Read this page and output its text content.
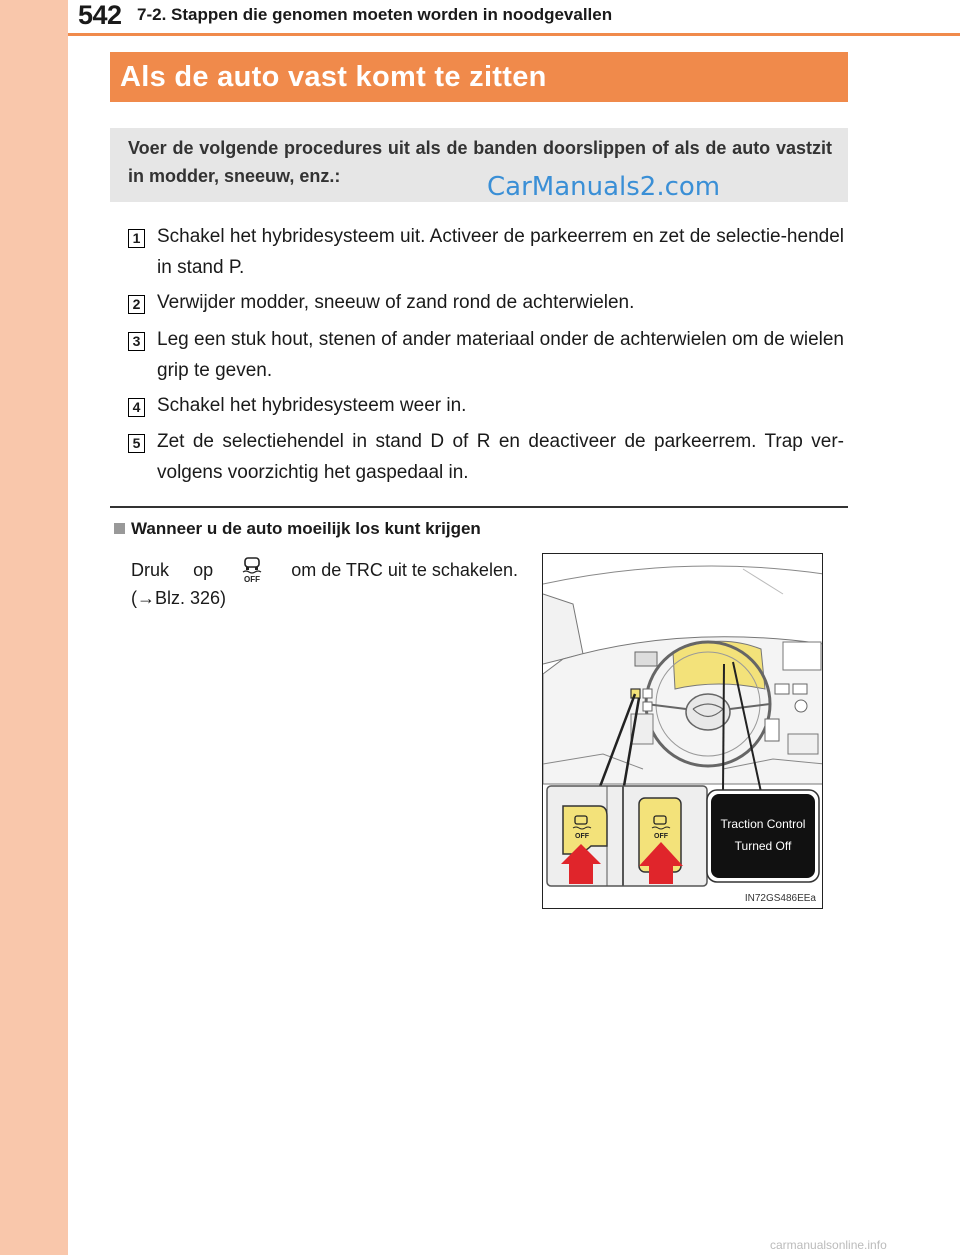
542 7-2. Stappen die genomen moeten worden in noodgevallen
Als de auto vast komt te zitten
Voer de volgende procedures uit als de banden doorslippen of als de auto vastzit in modder, sneeuw, enz.:	CarManuals2.com
1 Schakel het hybridesysteem uit. Activeer de parkeerrem en zet de selectie-hendel in stand P.
2 Verwijder modder, sneeuw of zand rond de achterwielen.
3 Leg een stuk hout, stenen of ander materiaal onder de achterwielen om de wielen grip te geven.
4 Schakel het hybridesysteem weer in.
5 Zet de selectiehendel in stand D of R en deactiveer de parkeerrem. Trap ver-volgens voorzichtig het gaspedaal in.
Wanneer u de auto moeilijk los kunt krijgen
Druk op	OFF om de TRC uit te schakelen.
(→Blz. 326)
OFF	OFF
Traction Control
Turned Off
IN72GS486EEa
carmanualsonline.info
